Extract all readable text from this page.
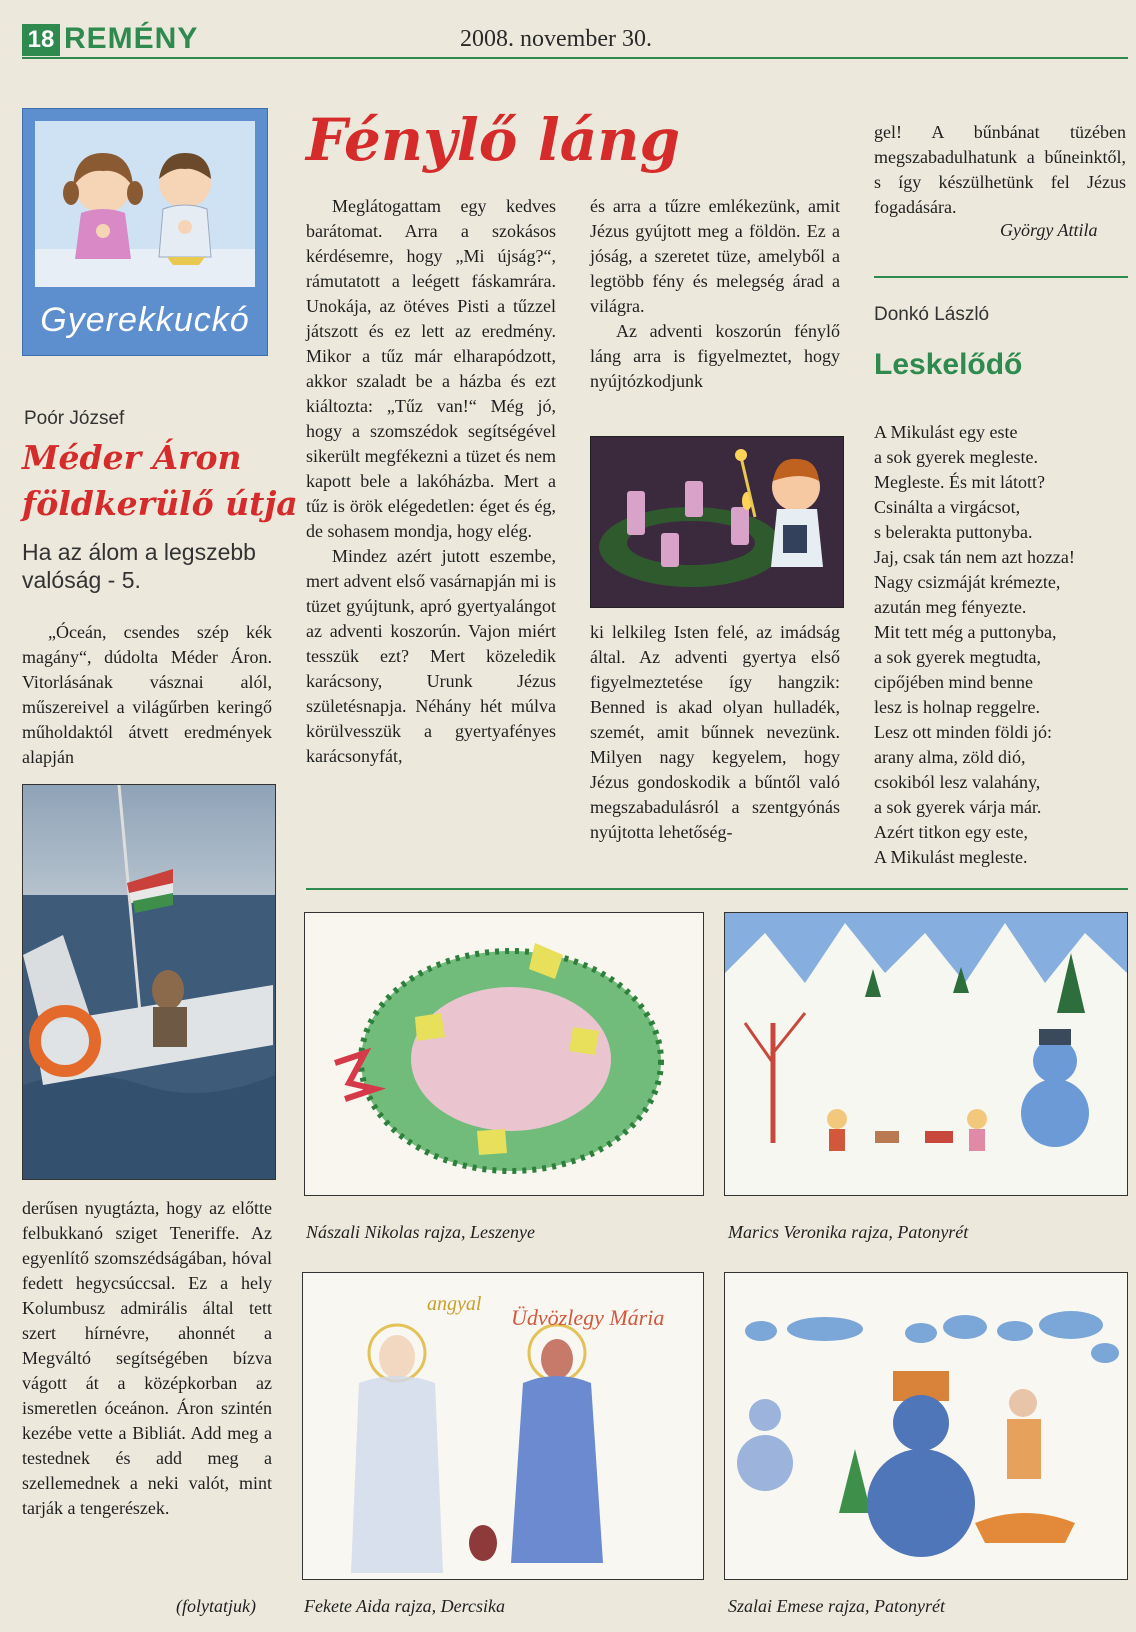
18 REMÉNY	2008. november 30.
Gyerekkuckó
Poór József
Méder Áron
földkerülő útja
Ha az álom a legszebb valóság - 5.

„Óceán, csendes szép kék magány“, dúdolta Méder Áron. Vitorlásának vásznai alól, műszereivel a világűrben keringő műholdaktól átvett eredmények alapján

derűsen nyugtázta, hogy az előtte felbukkanó sziget Teneriffe. Az egyenlítő szomszédságában, hóval fedett hegycsúccsal. Ez a hely Kolumbusz admirális által tett szert hírnévre, ahonnét a Megváltó segítségében bízva vágott át a középkorban az ismeretlen óceánon. Áron szintén kezébe vette a Bibliát. Add meg a testednek és add meg a szellemednek a neki valót, mint tarják a tengerészek.

(folytatjuk)
Fénylő láng

Meglátogattam egy kedves barátomat. Arra a szokásos kérdésemre, hogy „Mi újság?“, rámutatott a leégett fáskamrára. Unokája, az ötéves Pisti a tűzzel játszott és ez lett az eredmény. Mikor a tűz már elharapódzott, akkor szaladt be a házba és ezt kiáltozta: „Tűz van!“ Még jó, hogy a szomszédok segítségével sikerült megfékezni a tüzet és nem kapott bele a lakóházba. Mert a tűz is örök elégedetlen: éget és ég, de sohasem mondja, hogy elég.

Mindez azért jutott eszembe, mert advent első vasárnapján mi is tüzet gyújtunk, apró gyertyalángot az adventi koszorún. Vajon miért tesszük ezt? Mert közeledik karácsony, Urunk Jézus születésnapja. Néhány hét múlva körülvesszük a gyertyafényes karácsonyfát,

és arra a tűzre emlékezünk, amit Jézus gyújtott meg a földön. Ez a jóság, a szeretet tüze, amelyből a legtöbb fény és melegség árad a világra.

Az adventi koszorún fénylő láng arra is figyelmeztet, hogy nyújtózkodjunk

ki lelkileg Isten felé, az imádság által. Az adventi gyertya első figyelmeztetése így hangzik: Benned is akad olyan hulladék, szemét, amit bűnnek nevezünk. Milyen nagy kegyelem, hogy Jézus gondoskodik a bűntől való megszabadulásról a szentgyónás nyújtotta lehetőség-

gel! A bűnbánat tüzében megszabadulhatunk a bűneinktől, s így készülhetünk fel Jézus fogadására.

György Attila
Donkó László
Leskelődő
A Mikulást egy este
a sok gyerek megleste.
Megleste. És mit látott?
Csinálta a virgácsot,
s belerakta puttonyba.
Jaj, csak tán nem azt hozza!
Nagy csizmáját krémezte,
azután meg fényezte.
Mit tett még a puttonyba,
a sok gyerek megtudta,
cipőjében mind benne
lesz is holnap reggelre.
Lesz ott minden földi jó:
arany alma, zöld dió,
csokiból lesz valahány,
a sok gyerek várja már.
Azért titkon egy este,
A Mikulást megleste.
Nászali Nikolas rajza, Leszenye	Marics Veronika rajza, Patonyrét
angyal
Üdvözlegy Mária
Fekete Aida rajza, Dercsika	Szalai Emese rajza, Patonyrét
